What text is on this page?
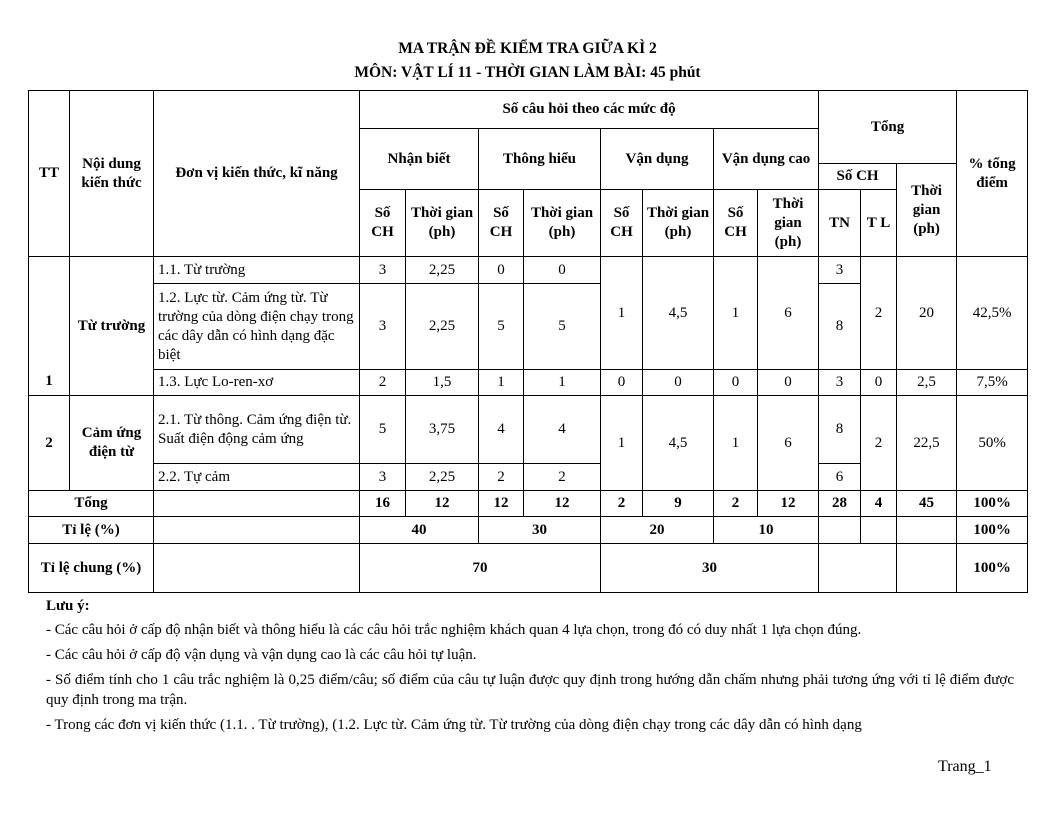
MA TRẬN ĐỀ KIỂM TRA GIỮA KÌ 2
MÔN: VẬT LÍ 11 - THỜI GIAN LÀM BÀI: 45 phút
TT	Nội dung kiến thức	Đơn vị kiến thức, kĩ năng	Số câu hỏi theo các mức độ								Tổng			% tổng điểm
			Nhận biết		Thông hiểu		Vận dụng		Vận dụng cao					
											Số CH		Thời gian (ph)	
			Số CH	Thời gian (ph)	Số CH	Thời gian (ph)	Số CH	Thời gian (ph)	Số CH	Thời gian (ph)	TN	T L		
1	Từ trường	1.1. Từ trường	3	2,25	0	0	1	4,5	1	6	3	2	20	42,5%
		1.2. Lực từ. Cảm ứng từ. Từ trường của dòng điện chạy trong các dây dẫn có hình dạng đặc biệt	3	2,25	5	5					8			
		1.3. Lực Lo-ren-xơ	2	1,5	1	1	0	0	0	0	3	0	2,5	7,5%
2	Cảm ứng điện từ	2.1. Từ thông. Cảm ứng điện từ. Suất điện động cảm ứng	5	3,75	4	4	1	4,5	1	6	8	2	22,5	50%
		2.2. Tự cảm	3	2,25	2	2					6			
Tổng			16	12	12	12	2	9	2	12	28	4	45	100%
Tỉ lệ (%)			40		30		20		10					100%
Tỉ lệ chung (%)			70				30							100%
Lưu ý:
- Các câu hỏi ở cấp độ nhận biết và thông hiểu là các câu hỏi trắc nghiệm khách quan 4 lựa chọn, trong đó có duy nhất 1 lựa chọn đúng.
- Các câu hỏi ở cấp độ vận dụng và vận dụng cao là các câu hỏi tự luận.
- Số điểm tính cho 1 câu trắc nghiệm là 0,25 điểm/câu; số điểm của câu tự luận được quy định trong hướng dẫn chấm nhưng phải tương ứng với tỉ lệ điểm được quy định trong ma trận.
- Trong các đơn vị kiến thức (1.1. . Từ trường), (1.2. Lực từ. Cảm ứng từ. Từ trường của dòng điện chạy trong các dây dẫn có hình dạng
Trang_1
